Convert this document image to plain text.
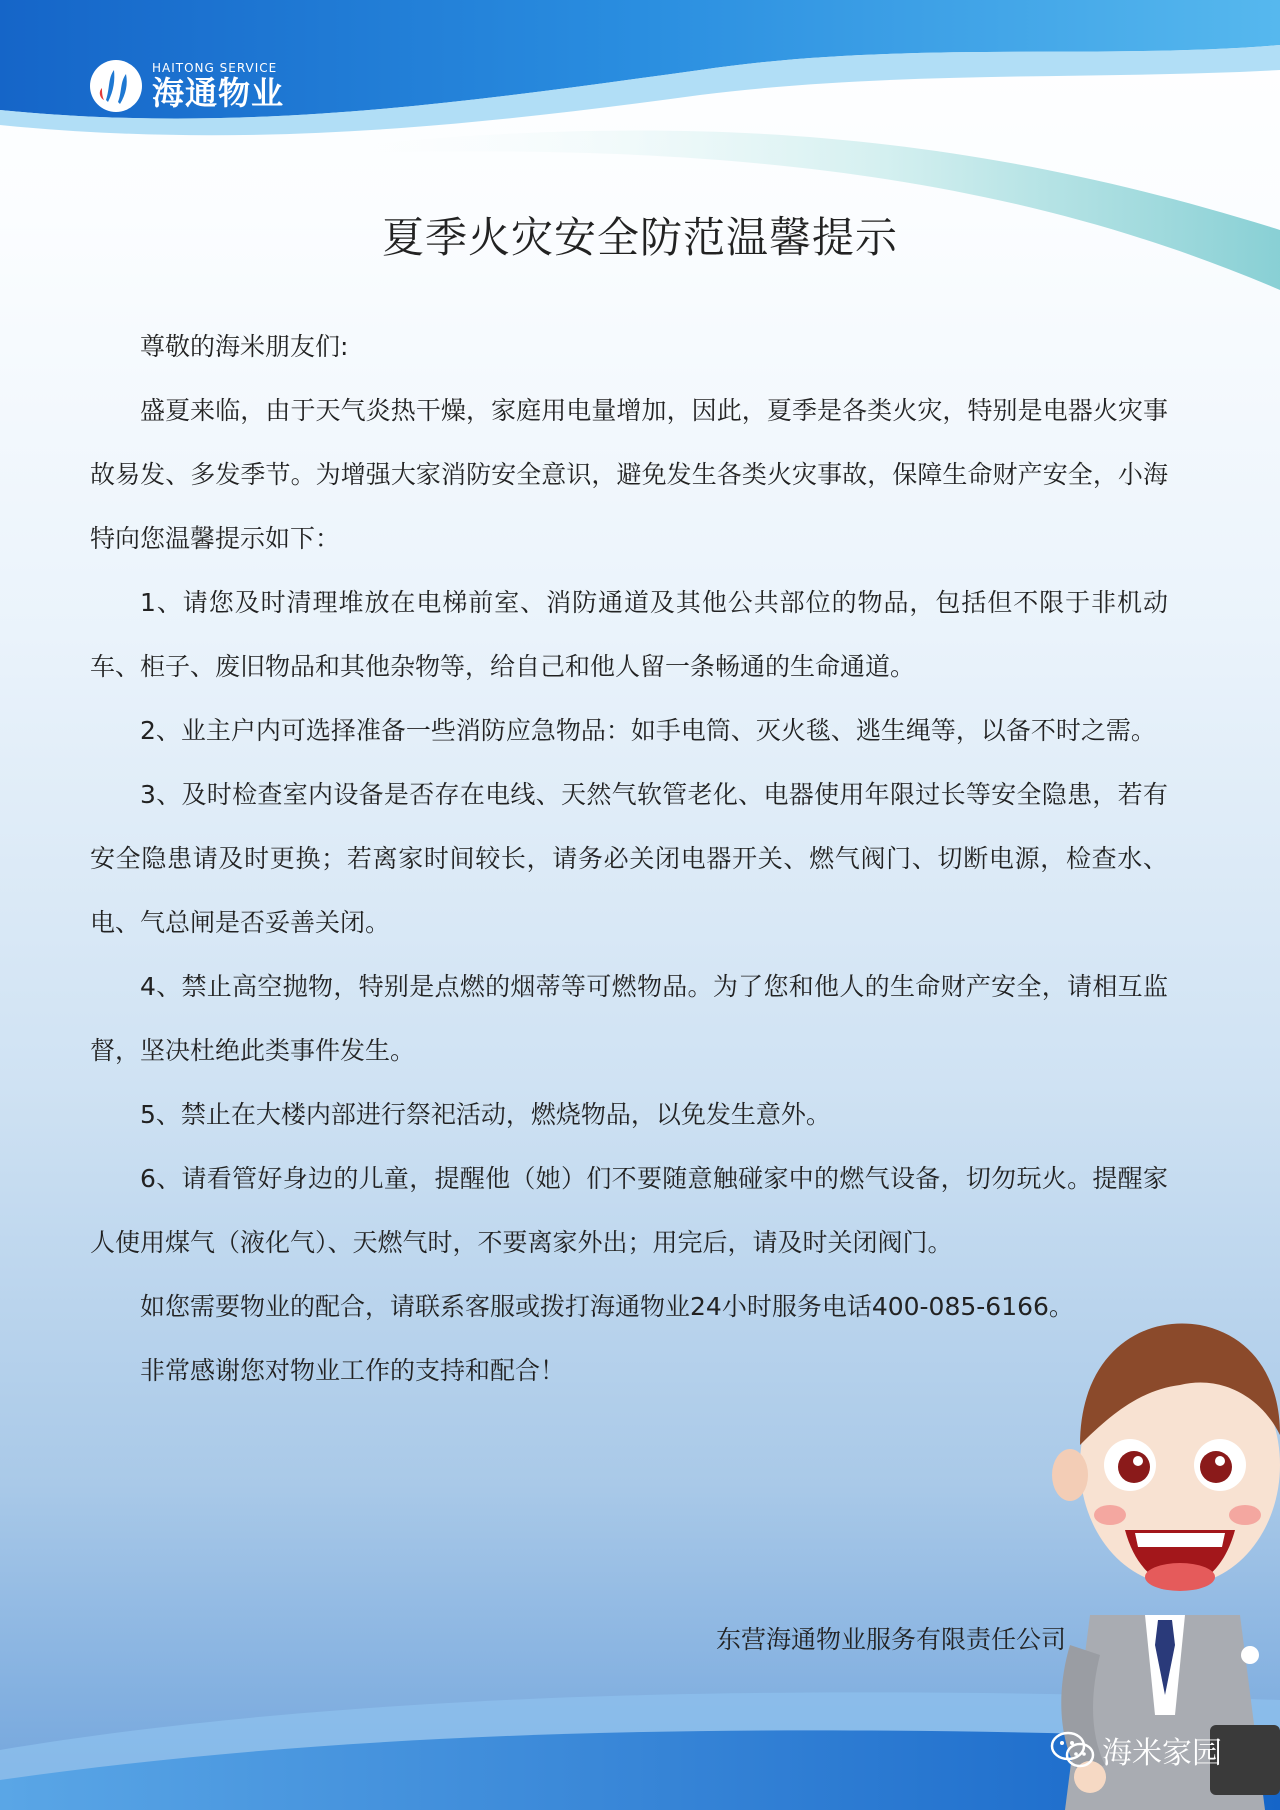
HAITONG SERVICE
海通物业
夏季火灾安全防范温馨提示

尊敬的海米朋友们:

盛夏来临，由于天气炎热干燥，家庭用电量增加，因此，夏季是各类火灾，特别是电器火灾事故易发、多发季节。为增强大家消防安全意识，避免发生各类火灾事故，保障生命财产安全，小海特向您温馨提示如下：

1、请您及时清理堆放在电梯前室、消防通道及其他公共部位的物品，包括但不限于非机动车、柜子、废旧物品和其他杂物等，给自己和他人留一条畅通的生命通道。

2、业主户内可选择准备一些消防应急物品：如手电筒、灭火毯、逃生绳等，以备不时之需。

3、及时检查室内设备是否存在电线、天然气软管老化、电器使用年限过长等安全隐患，若有安全隐患请及时更换；若离家时间较长，请务必关闭电器开关、燃气阀门、切断电源，检查水、电、气总闸是否妥善关闭。

4、禁止高空抛物，特别是点燃的烟蒂等可燃物品。为了您和他人的生命财产安全，请相互监督，坚决杜绝此类事件发生。

5、禁止在大楼内部进行祭祀活动，燃烧物品，以免发生意外。

6、请看管好身边的儿童，提醒他（她）们不要随意触碰家中的燃气设备，切勿玩火。提醒家人使用煤气（液化气）、天燃气时，不要离家外出；用完后，请及时关闭阀门。

如您需要物业的配合，请联系客服或拨打海通物业24小时服务电话400-085-6166。

非常感谢您对物业工作的支持和配合！

东营海通物业服务有限责任公司
海米家园
